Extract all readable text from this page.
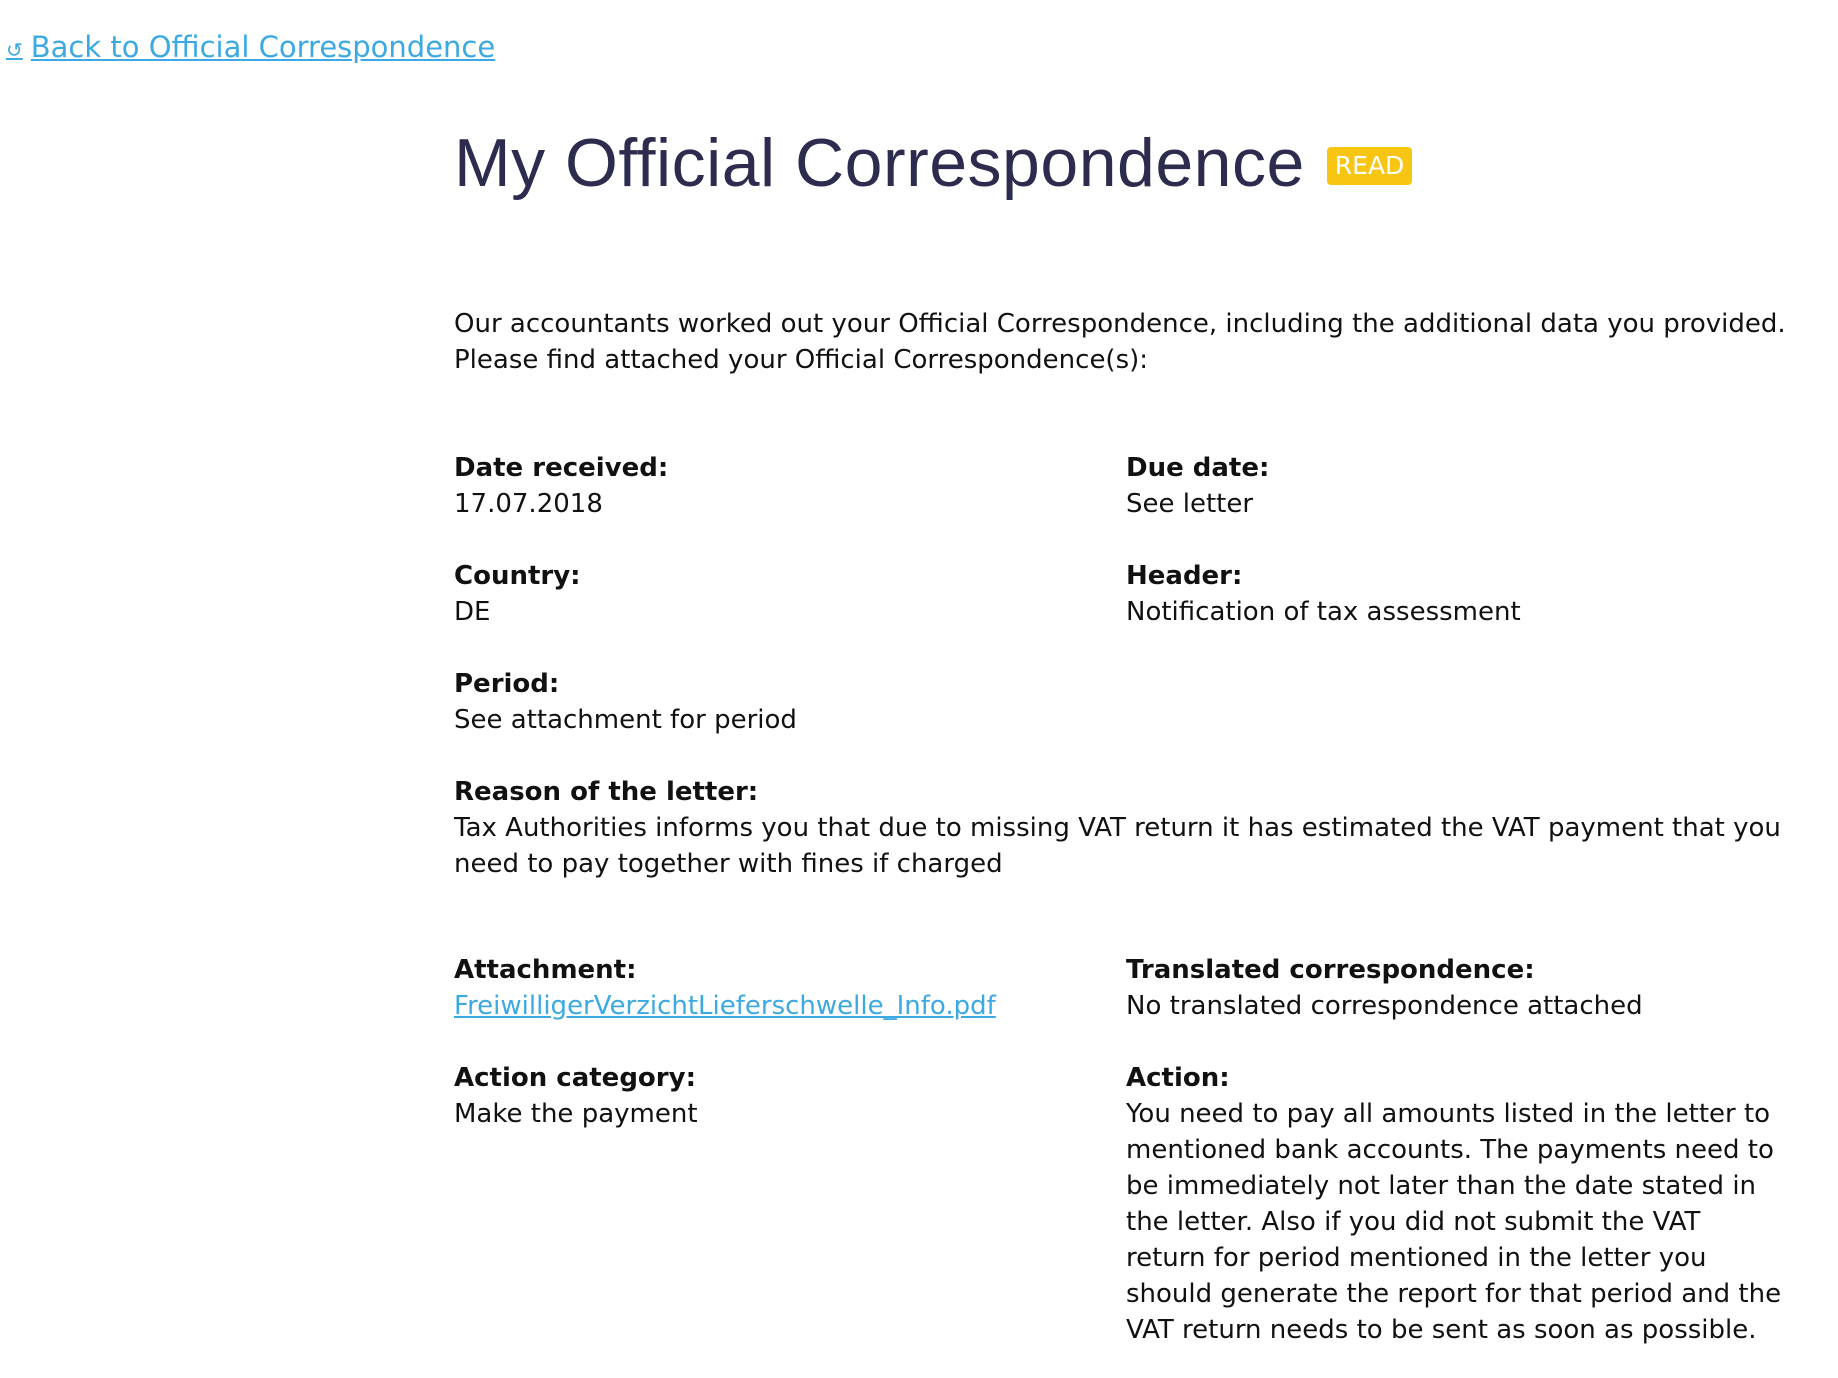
↺ Back to Official Correspondence
My Official Correspondence	READ
Our accountants worked out your Official Correspondence, including the additional data you provided.
Please find attached your Official Correspondence(s):
Date received:
17.07.2018
Due date:
See letter
Country:
DE
Header:
Notification of tax assessment
Period:
See attachment for period
Reason of the letter:
Tax Authorities informs you that due to missing VAT return it has estimated the VAT payment that you need to pay together with fines if charged
Attachment:
FreiwilligerVerzichtLieferschwelle_Info.pdf
Translated correspondence:
No translated correspondence attached
Action category:
Make the payment
Action:
You need to pay all amounts listed in the letter to mentioned bank accounts. The payments need to be immediately not later than the date stated in the letter. Also if you did not submit the VAT return for period mentioned in the letter you should generate the report for that period and the VAT return needs to be sent as soon as possible.
